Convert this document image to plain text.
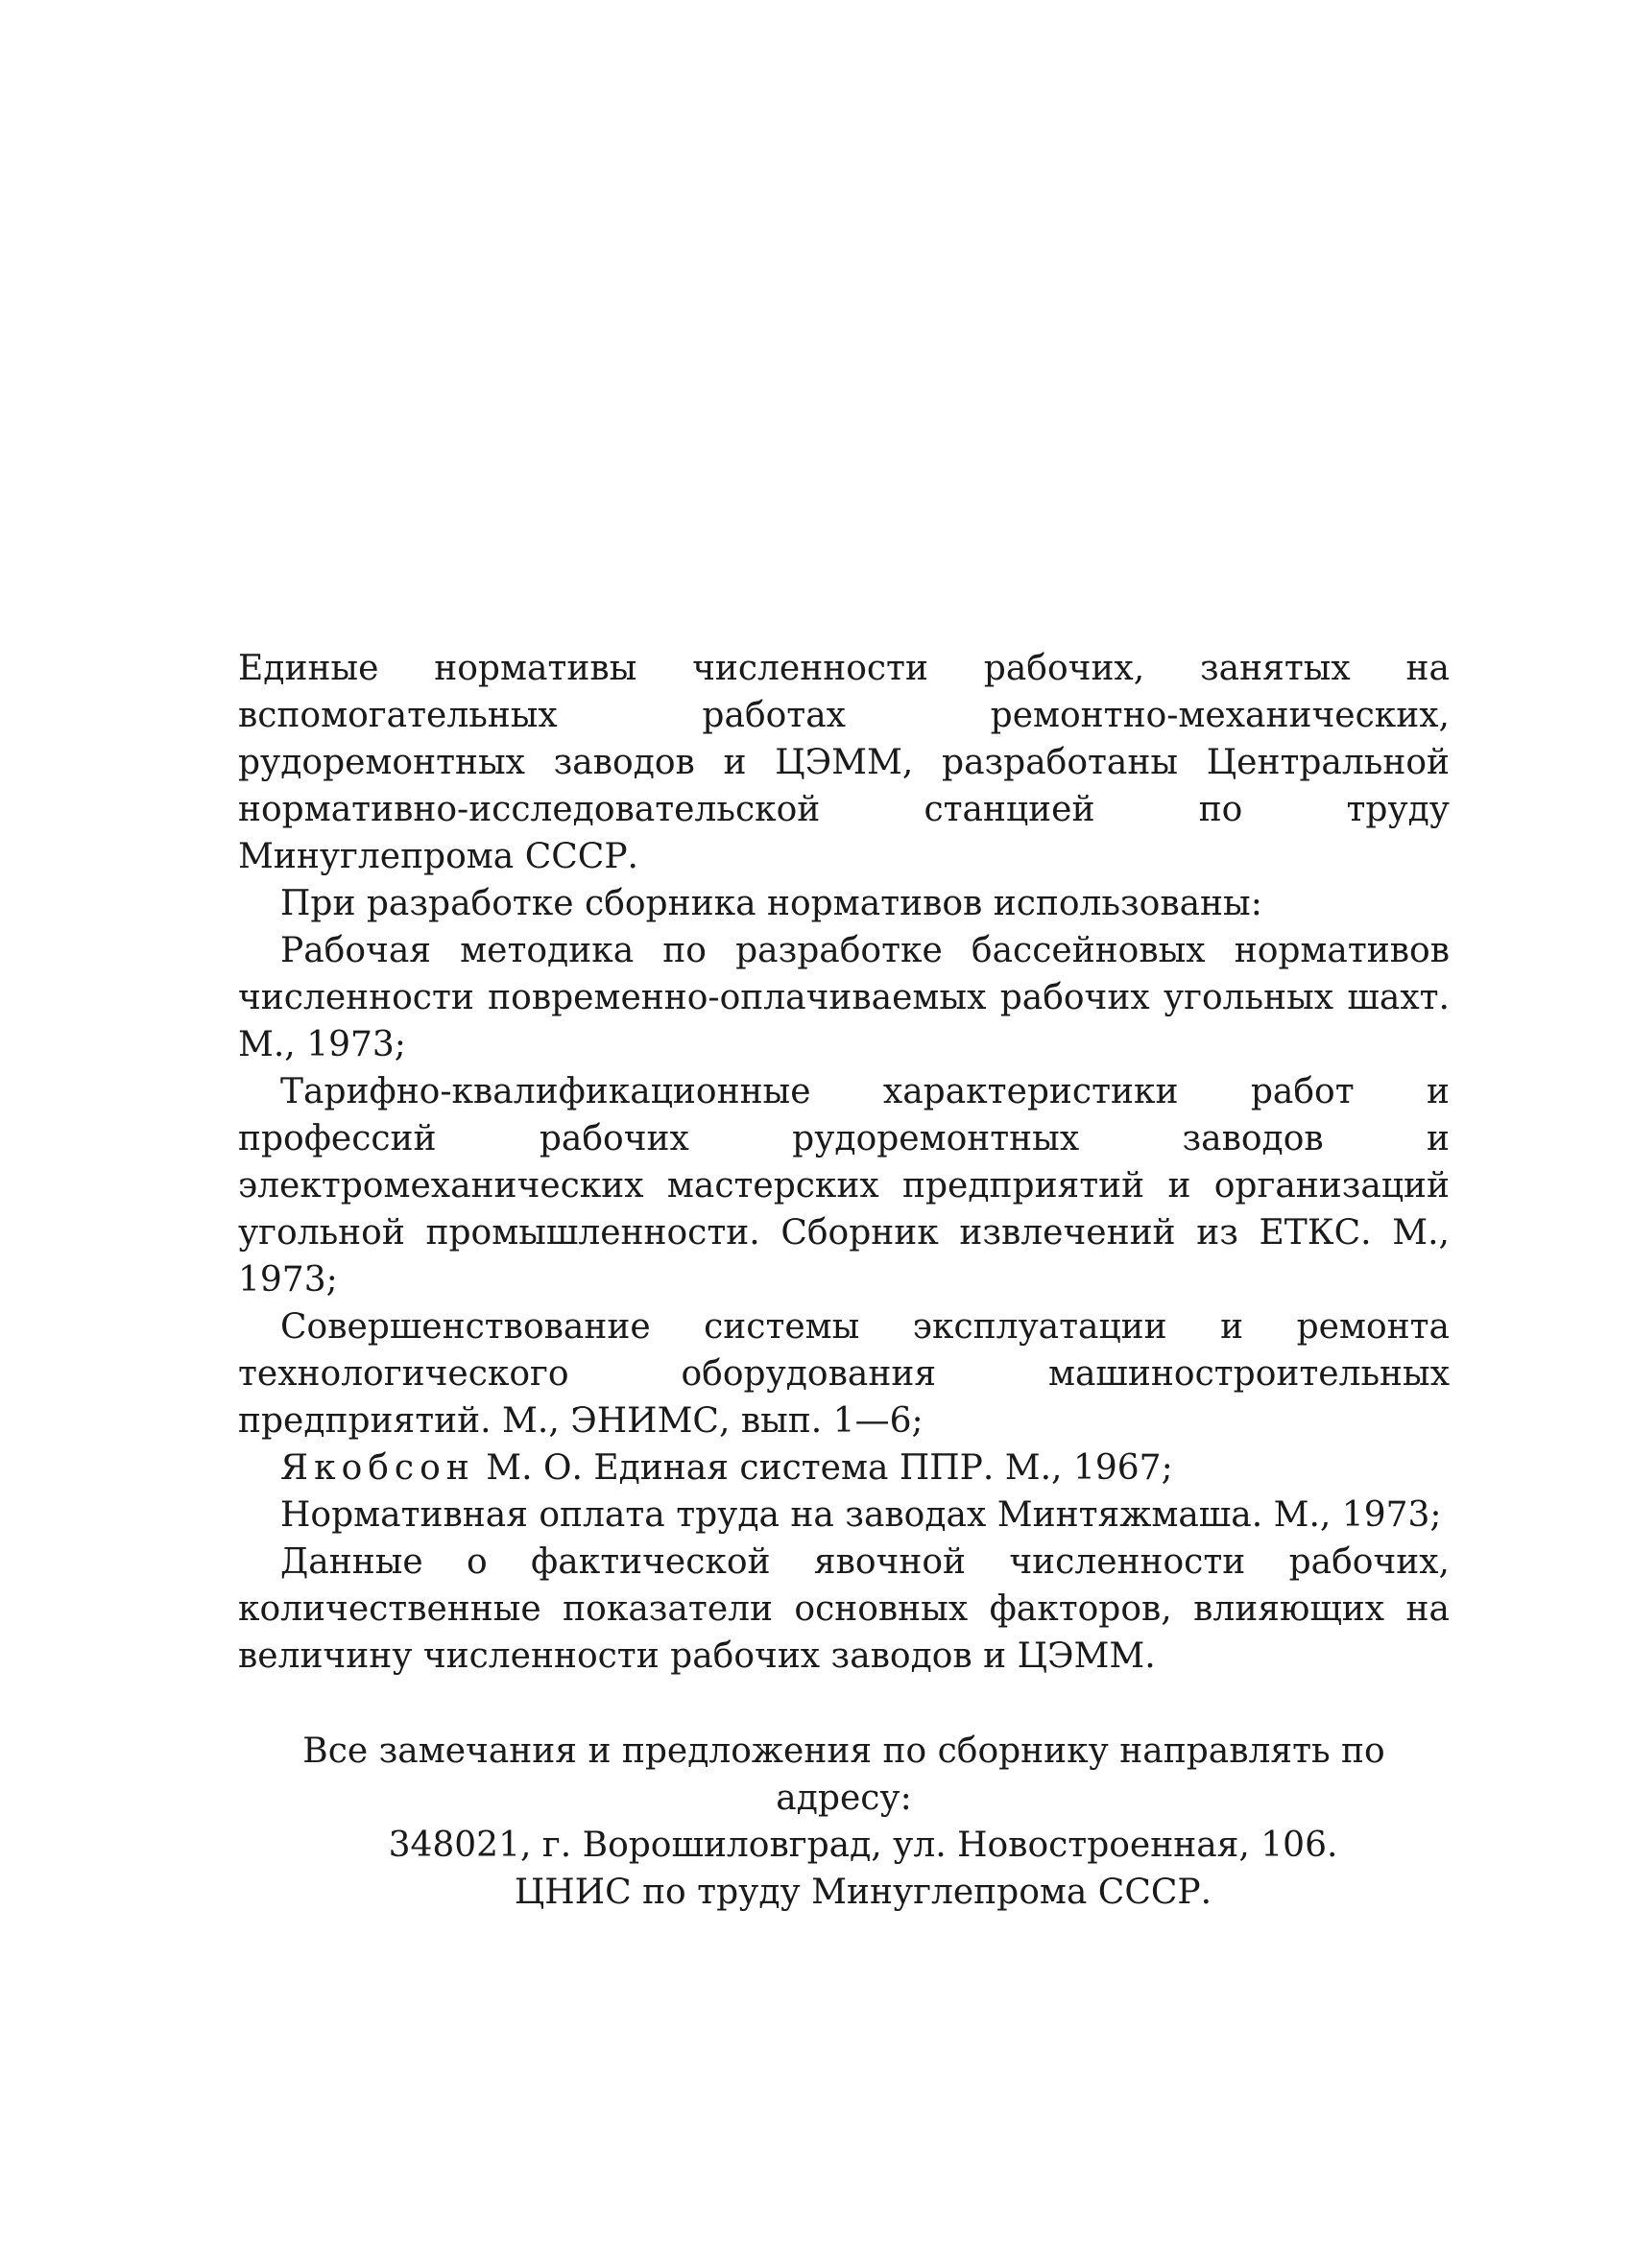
Единые нормативы численности рабочих, занятых на вспомогательных работах ремонтно-механических, рудоремонтных заводов и ЦЭММ, разработаны Центральной нормативно-исследовательской станцией по труду Минуглепрома СССР.

При разработке сборника нормативов использованы:

Рабочая методика по разработке бассейновых нормативов численности повременно-оплачиваемых рабочих угольных шахт. М., 1973;

Тарифно-квалификационные характеристики работ и профессий рабочих рудоремонтных заводов и электромеханических мастерских предприятий и организаций угольной промышленности. Сборник извлечений из ЕТКС. М., 1973;

Совершенствование системы эксплуатации и ремонта технологического оборудования машиностроительных предприятий. М., ЭНИМС, вып. 1—6;

Якобсон М. О. Единая система ППР. М., 1967;

Нормативная оплата труда на заводах Минтяжмаша. М., 1973;

Данные о фактической явочной численности рабочих, количественные показатели основных факторов, влияющих на величину численности рабочих заводов и ЦЭММ.

Все замечания и предложения по сборнику направлять по адресу:

348021, г. Ворошиловград, ул. Новостроенная, 106.

ЦНИС по труду Минуглепрома СССР.
